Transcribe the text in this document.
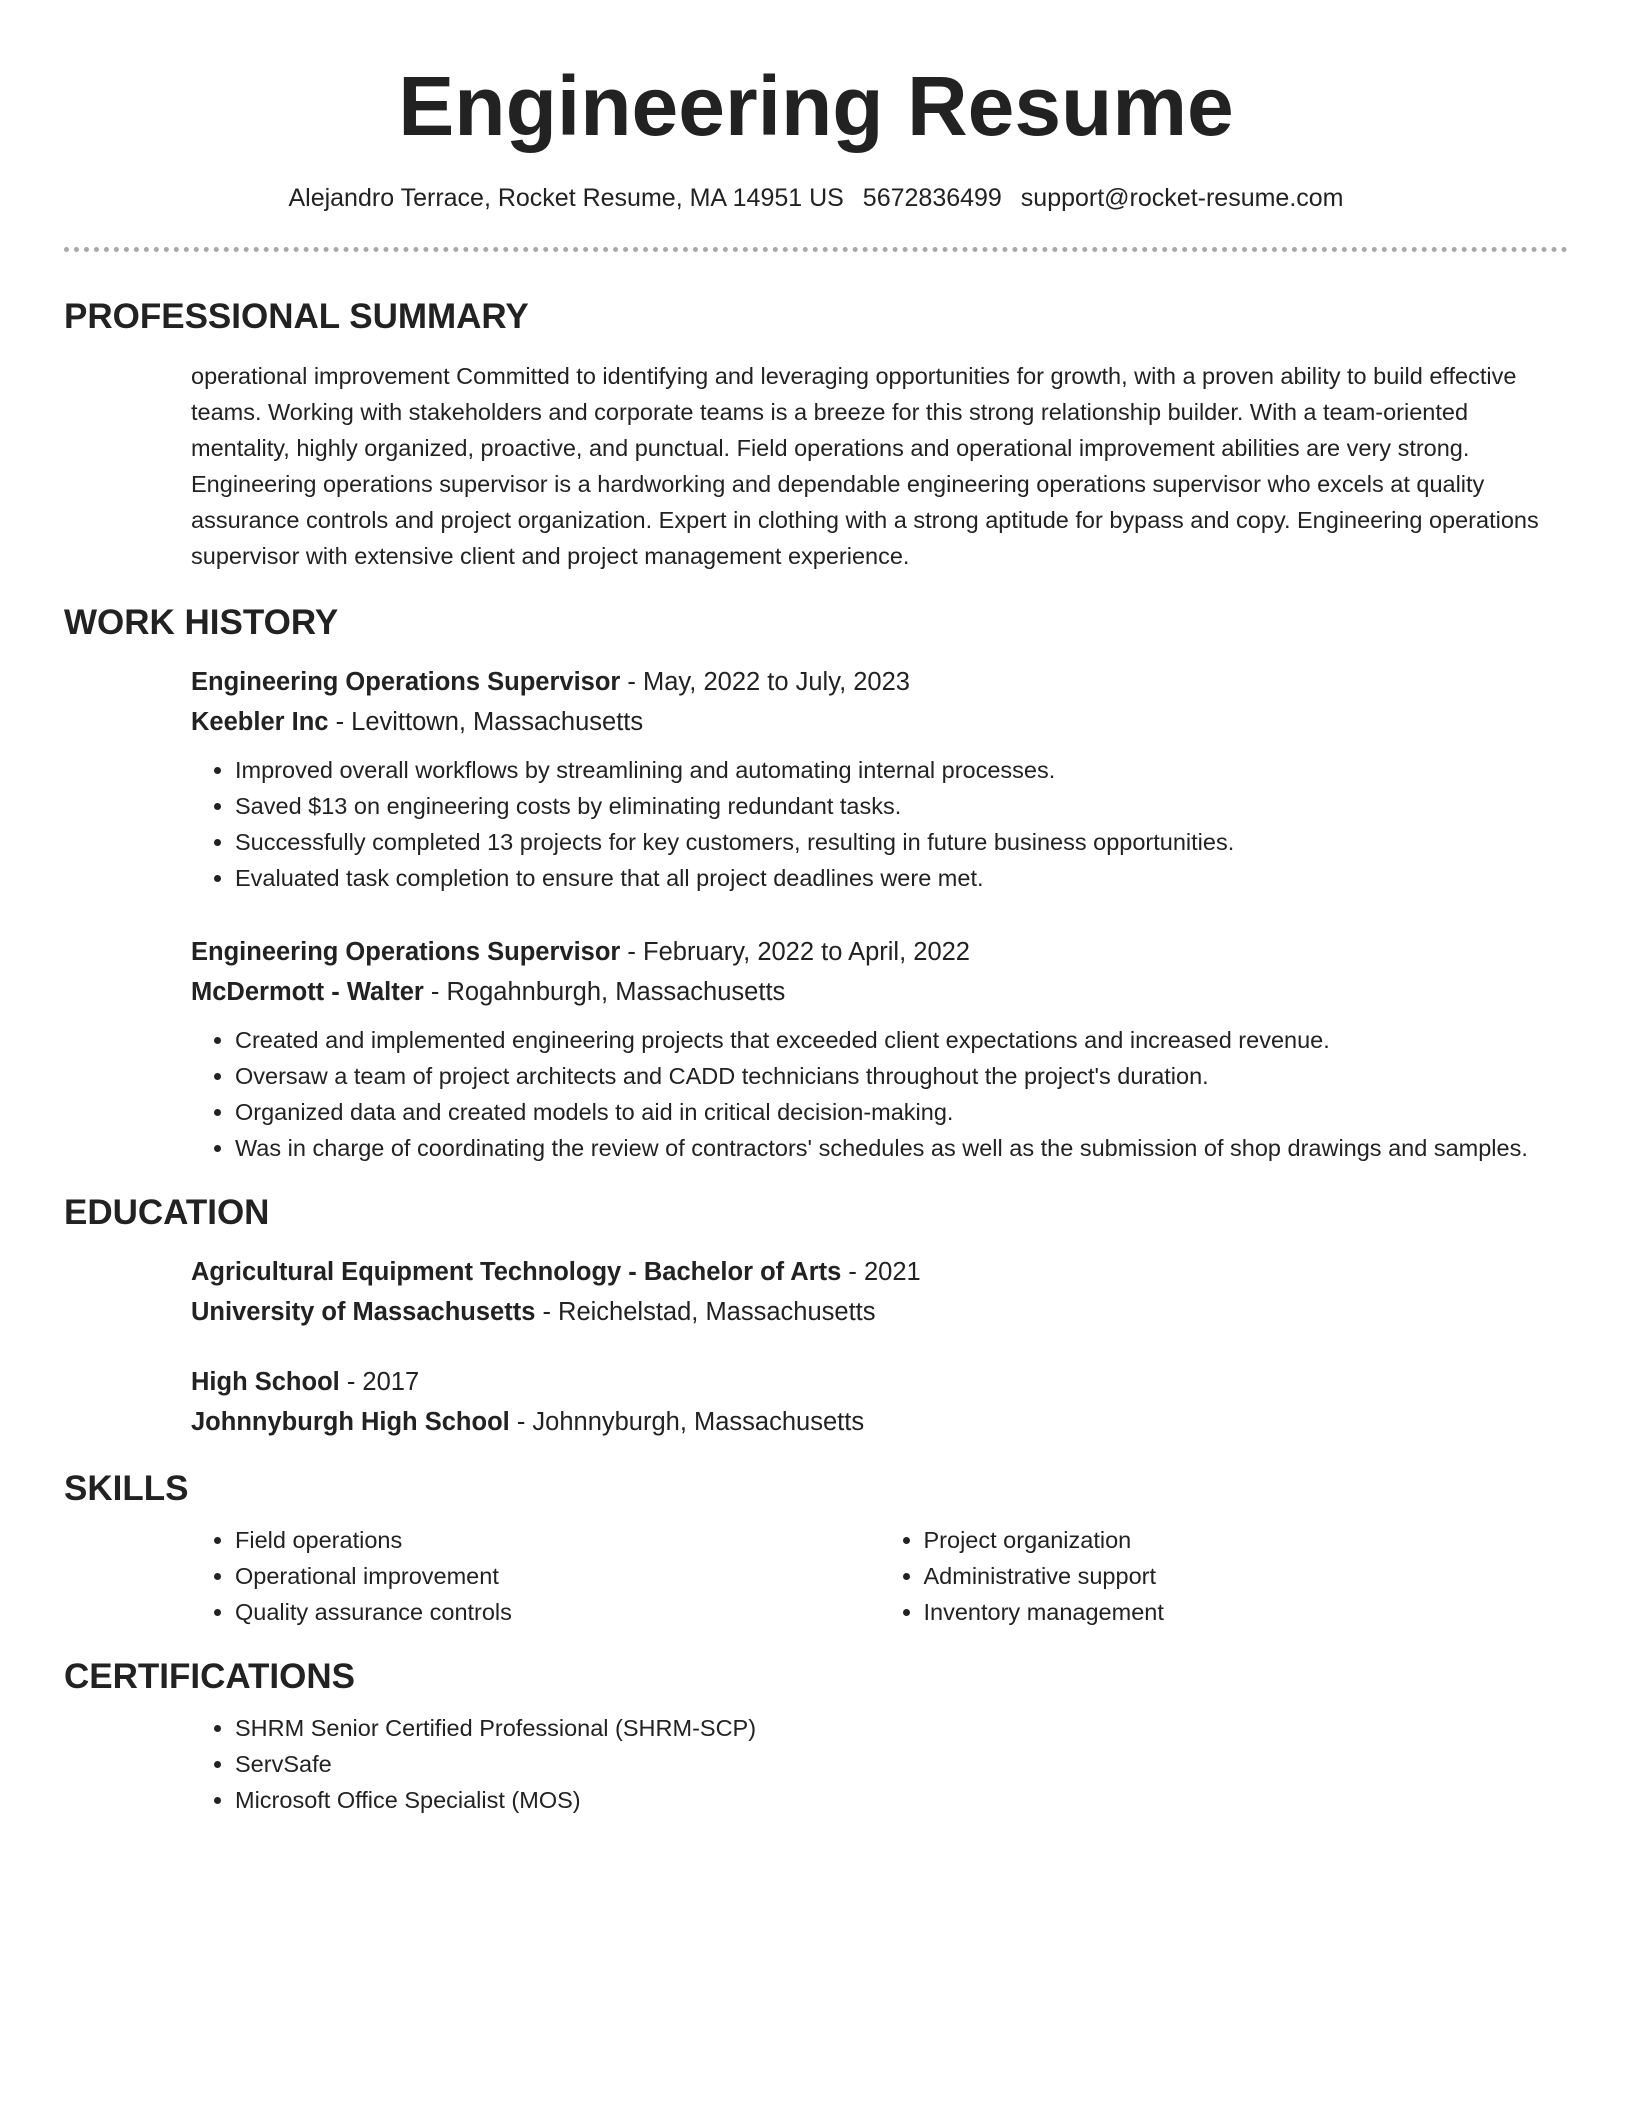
Engineering Resume
Alejandro Terrace, Rocket Resume, MA 14951 US 5672836499 support@rocket-resume.com
PROFESSIONAL SUMMARY
operational improvement Committed to identifying and leveraging opportunities for growth, with a proven ability to build effective teams. Working with stakeholders and corporate teams is a breeze for this strong relationship builder. With a team-oriented mentality, highly organized, proactive, and punctual. Field operations and operational improvement abilities are very strong. Engineering operations supervisor is a hardworking and dependable engineering operations supervisor who excels at quality assurance controls and project organization. Expert in clothing with a strong aptitude for bypass and copy. Engineering operations supervisor with extensive client and project management experience.
WORK HISTORY
Engineering Operations Supervisor - May, 2022 to July, 2023
Keebler Inc - Levittown, Massachusetts
• Improved overall workflows by streamlining and automating internal processes.
• Saved $13 on engineering costs by eliminating redundant tasks.
• Successfully completed 13 projects for key customers, resulting in future business opportunities.
• Evaluated task completion to ensure that all project deadlines were met.
Engineering Operations Supervisor - February, 2022 to April, 2022
McDermott - Walter - Rogahnburgh, Massachusetts
• Created and implemented engineering projects that exceeded client expectations and increased revenue.
• Oversaw a team of project architects and CADD technicians throughout the project's duration.
• Organized data and created models to aid in critical decision-making.
• Was in charge of coordinating the review of contractors' schedules as well as the submission of shop drawings and samples.
EDUCATION
Agricultural Equipment Technology - Bachelor of Arts - 2021
University of Massachusetts - Reichelstad, Massachusetts
High School - 2017
Johnnyburgh High School - Johnnyburgh, Massachusetts
SKILLS
• Field operations
• Operational improvement
• Quality assurance controls
• Project organization
• Administrative support
• Inventory management
CERTIFICATIONS
• SHRM Senior Certified Professional (SHRM-SCP)
• ServSafe
• Microsoft Office Specialist (MOS)
